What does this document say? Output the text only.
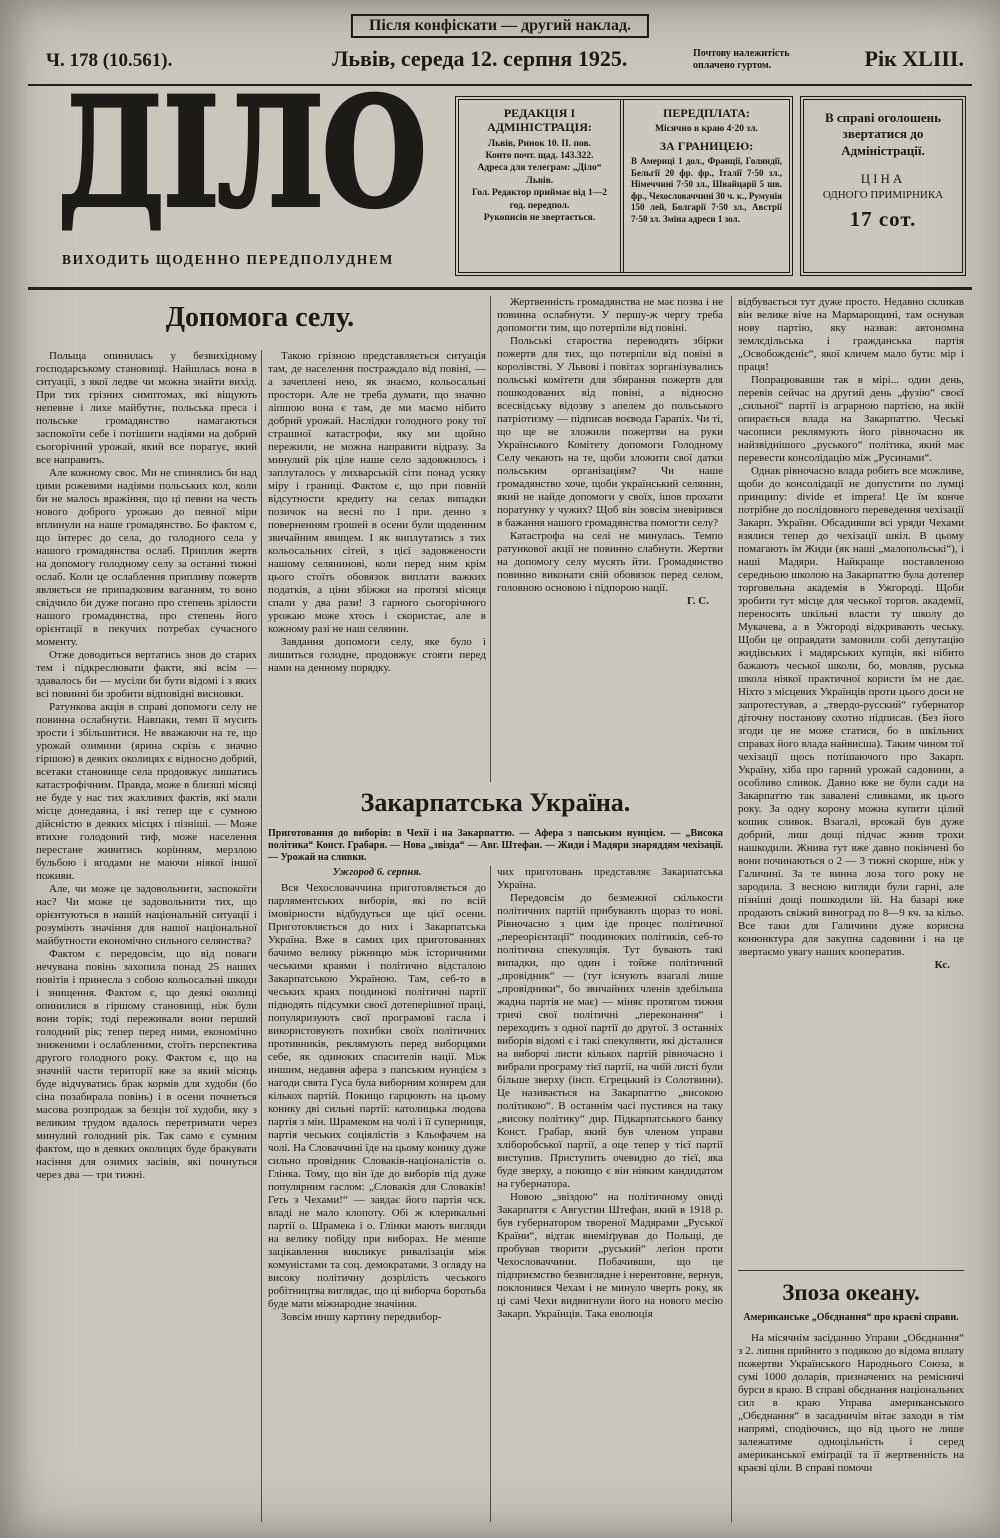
Після конфіскати — другий наклад.
Ч. 178 (10.561).	Львів, середа 12. серпня 1925.	Почтову належитість
оплачено гуртом.	Рік XLIII.
ДІЛО
ВИХОДИТЬ ЩОДЕННО ПЕРЕДПОЛУДНЕМ
РЕДАКЦІЯ І АДМІНІСТРАЦІЯ:
Львів, Ринок 10. ІІ. пов.
Конто почт. щад. 143.322.
Адреса для телеграм: „Діло“ Львів.
Гол. Редактор приймає від 1—2 год. передпол.
Рукописів не звертається.
ПЕРЕДПЛАТА:
Місячно в краю 4·20 зл.
ЗА ГРАНИЦЕЮ:
В Америці 1 дол., Франції, Голяндії, Бельгії 20 фр. фр., Італії 7·50 зл., Німеччині 7·50 зл., Швайцарії 5 шв. фр., Чехословаччині 30 ч. к., Румунія 150 лей, Болгарії 7·50 зл., Австрії 7·50 зл. Зміна адреси 1 зол.
В справі оголошень звертатися до Адміністрації.
ЦІНА
ОДНОГО ПРИМІРНИКА
17 сот.
Допомога селу.

Польща опинилась у безвихідному господарському становищі. Найшлась вона в ситуації, з якої ледве чи можна знайти вихід. При тих грізних симптомах, які віщують непевне і лихе майбутнє, польська преса і польське громадянство намагаються заспокоїти себе і потішити надіями на добрий сьогорічний урожай, який все поратує, який все направить.

Але кожному своє. Ми не спинялись би над цими рожевими надіями польських кол, коли би не малось вражіння, що ці певни на честь нового доброго урожаю до певної міри вплинули на наше громадянство. Бо фактом є, що інтерес до села, до голодного села у нашого громадянства ослаб. Приплив жертв на допомогу голодному селу за останні тижні ослаб. Коли це ослаблення припливу пожертв являється не припадковим ваганням, то воно свідчило би дуже погано про степень зрілости нашого громадянства, про степень його орієнтації в пекучих потребах сучасного моменту.

Отже доводиться вертатись знов до старих тем і підкреслювати факти, які всім — здавалось би — мусіли би бути відомі і з яких всі повинні би зробити відповідні висновки.

Ратункова акція в справі допомоги селу не повинна ослабнути. Навпаки, темп її мусить зрости і збільшитися. Не вважаючи на те, що урожай озимини (ярина скрізь є значно гіршою) в деяких околицях є відносно добрий, всетаки становище села продовжує лишатись катастрофічним. Правда, може в близші місяці не буде у нас тих жахливих фактів, які мали місце донедавна, і які тепер ще є сумною дійсністю в деяких місцях і пізніші. — Може втихне голодовий тиф, може населення перестане живитись корінням, мерзлою бульбою і ягодами не маючи ніякої іншої поживи.

Але, чи може це задовольнити, заспокоїти нас? Чи може це задовольнити тих, що орієнтуються в нашій національній ситуації і розуміють значіння для нашої національної майбутности економічно сильного селянства?

Фактом є передовсім, що від поваги нечувана повінь захопила понад 25 наших повітів і принесла з собою кольосальні шкоди і знищення. Фактом є, що деякі околиці опинилися в гіршому становищі, ніж були вони торік; тоді переживали вони перший голодний рік; тепер перед ними, економічно зниженими і ослабленими, стоїть перспектива другого голодного року. Фактом є, що на значній части території вже за який місяць буде відчуватись брак кормів для худоби (бо сіна позабирала повінь) і в осени почнеться масова розпродаж за безцін тої худоби, яку з великим трудом вдалось перетримати через минулий голодний рік. Так само є сумним фактом, що в деяких околицях буде бракувати насіння для озимих засівів, які почнуться через два — три тижні.

Такою грізною представляється ситуація там, де населення постраждало від повіні, — а зачеплені нею, як знаємо, кольосальні простори. Але не треба думати, що значно ліпшою вона є там, де ми маємо нібито добрий урожай. Наслідки голодного року тої страшної катастрофи, яку ми щойно пережили, не можна направити відразу. За минулий рік ціле наше село задовжилось і заплуталось у лихварській сіти понад усяку міру і границі. Фактом є, що при повній відсутности кредиту на селах випадки позичок на весні по 1 при. денно з поверненням грошей в осени були щоденним звичайним явищем. І як виплутатись з тих кольосальних сітей, з цієї задовжености нашому селянинові, коли перед ним крім цього стоїть обовязок виплати важких податків, а ціни збіжжя на протязі місяця спали у два рази! З гарного сьогорічного урожаю може хтось і скористає, але в кожному разі не наш селянин.

Завдання допомоги селу, яке було і лишиться голодне, продовжує стояти перед нами на денному порядку.

Жертвенність громадянства не має позва і не повинна ослабнути. У першу-ж чергу треба допомогти тим, що потерпіли від повіні.

Польські староства переводять збірки пожертв для тих, що потерпіли від повіні в королівстві. У Львові і повітах зорганізувались польські комітети для збирання пожертв для пошкодованих від повіні, а відносно всесвідську відозву з апелем до польського патріотизму — підписав воєвода Гарапіх. Чи ті, що ще не зложили пожертви на руки Українського Комітету допомоги Голодному Селу чекають на те, щоби зложити свої датки польським організаціям? Чи наше громадянство хоче, щоби український селянин, який не найде допомоги у своїх, ішов прохати поратунку у чужих? Щоб він зовсім зневірився в бажання нашого громадянства помогти селу?

Катастрофа на селі не минулась. Темпо ратункової акції не повинно слабнути. Жертви на допомогу селу мусять йти. Громадянство повинно виконати свій обовязок перед селом, головною основою і підпорою нації.

Г. С.

Закарпатська Україна.
Приготовання до виборів: в Чехії і на Закарпаттю. — Афера з папським нунцієм. — „Висока політика“ Конст. Грабаря. — Нова „звізда“ — Авг. Штефан. — Жиди і Мадяри знаряддям чехізації. — Урожай на сливки.

Ужгород 6. серпня.

Вся Чехословаччина приготовляється до парляментських виборів, які по всій імовірности відбудуться ще цієї осени. Приготовляється до них і Закарпатська Україна. Вже в самих цих приготованнях бачимо велику ріжницю між історичними чеськими краями і політично відсталою Закарпатською Україною. Там, себ-то в чеських краях поодинокі політичні партії підводять підсумки своєї дотеперішної праці, популяризують свої програмові гасла і використовують похибки своїх політичних противників, реклямують перед виборцями себе, як одиноких спасителів нації. Між иншим, недавня афера з папським нунцієм з нагоди свята Гуса була виборним козирем для кількох партій. Покищо гарцюють на цьому конику дві сильні партії: католицька людова партія з мін. Шрамеком на чолі і її суперниця, партія чеських соціялістів з Кльофачем на чолі. На Словаччині їде на цьому конику дуже сильно провідник Словаків-націоналістів о. Глінка. Тому, що він їде до виборів під дуже популярним гаслом: „Словакія для Словаків! Геть з Чехами!“ — завдає його партія чск. владі не мало клопоту. Обі ж клерикальні партії о. Шрамека і о. Глінки мають вигляди на велику побіду при виборах. Не менше зацікавлення викликує ривалізація між комуністами та соц. демократами. З огляду на високу політичну дозрілість чеського робітництва виглядає, що ці виборча боротьба буде мати міжнародне значіння.

Зовсім иншу картину передвибор-

чих приготовань представляє Закарпатська Україна.

Передовсім до безмежної скількости політичних партій прибувають щораз то нові. Рівночасно з цим іде процес політичної „переорієнтації“ поодиноких політиків, себ-то політична спекуляція. Тут бувають такі випадки, що один і тойже політичний „провідник“ — (тут існують взагалі лише „провідники“, бо звичайних членів здебільша жадна партія не має) — міняє протягом тижня тричі свої політичні „переконання“ і переходить з одної партії до другої. З останніх виборів відомі є і такі спекулянти, які дісталися на виборчі листи кількох партій рівночасно і вибрали програму тієї партії, на чиїй листі були більше зверху (інсп. Єгрецький із Солотвини). Це називається на Закарпаттю „високою політикою“. В останнім часі пустився на таку „високу політику“ дир. Підкарпатського банку Конст. Грабар, який був членом управи хліборобської партії, а оце тепер у тієї партії виступив. Приступить очевидно до тієї, яка буде зверху, а покищо є він ніяким кандидатом на губернатора.

Новою „звіздою“ на політичному овиді Закарпаття є Августин Штефан, який в 1918 р. був губернатором твореної Мадярами „Руської Країни“, відтак виеміґрував до Польщі, де пробував творити „руський“ леґіон проти Чехословаччини. Побачивши, що це підприємство безвиглядне і нерентовне, вернув, поклонився Чехам і не минуло чверть року, як ці самі Чехи видвигнули його на нового месію Закарп. Українців. Така еволюція

відбувається тут дуже просто. Недавно скликав він велике віче на Мармарощині, там оснував нову партію, яку назвав: автономна землєдільська і гражданська партія „Освобождєніє“, якої кличем мало бути: мір і праця!

Попрацювавши так в мірі... один день, перевів сейчас на другий день „фузію“ своєї „сильної“ партії із аграрною партією, на якій опирається влада на Закарпаттю. Чеські часописи реклямують його рівночасно як найзвіднішого „руського“ політика, який має перевести консолідацію між „Русинами“.

Однак рівночасно влада робить все можливе, щоби до консолідації не допустити по лумці принципу: divide et impera! Це їм конче потрібне до послідовного переведення чехізації Закарп. України. Обсадивши всі уряди Чехами взялися тепер до чехізації шкіл. В цьому помагають їм Жиди (як наші „малопольські“), і наші Мадяри. Найкраще поставленою середньою школою на Закарпаттю була дотепер торговельна академія в Ужгороді. Щоби зробити тут місце для чеської торгов. академії, переносять шкільні власти ту школу до Мукачева, а в Ужгороді відкривають чеську. Щоби це оправдати замовили собі депутацію жидівських і мадярських купців, які нібито бажають чеської школи, бо, мовляв, руська школа ніякої практичної користи їм не дає. Ніхто з місцевих Українців проти цього доси не запротестував, а „твердо-русский“ губернатор діточну постанову охотно підписав. (Без його згоди це не може статися, бо в шкільних справах його влада найвисша). Таким чином тої чехізації щось потішаючого про Закарп. Україну, хіба про гарний урожай садовини, а особливо сливок. Давно вже не були сади на Закарпаттю так завалені сливками, як цього року. За одну корону можна купити цілий кошик сливок. Взагалі, врожай був дуже добрий, лиш дощі підчас жнив трохи нашкодили. Жнива тут вже давно покінчені бо вони починаються о 2 — 3 тижні скорше, ніж у Галичині. За те винна лоза того року не зародила. З весною вигляди були гарні, але пізніші дощі пошкодили їй. На базарі вже продають свіжий виноград по 8—9 кч. за кільо. Все таки для Галичини дуже корисна конюнктура для закупна садовини і на це звертаємо увагу наших кооператив.

Кс.

Зпоза океану.
Американське „Обєднання“ про краєві справи.

На місячнім засіданню Управи „Обєднання“ з 2. липня прийнято з подякою до відома вплату пожертви Українського Народнього Союза, в сумі 1000 доларів, призначених на ремісничі бурси в краю. В справі обєднання національних сил в краю Управа американського „Обєднання“ в засадничім вітає заходи в тім напрямі, сподіючись, що від цього не лише залежатиме одноцільність і серед американської еміґрації та її жертвенність на краєві ціли. В справі помочи
